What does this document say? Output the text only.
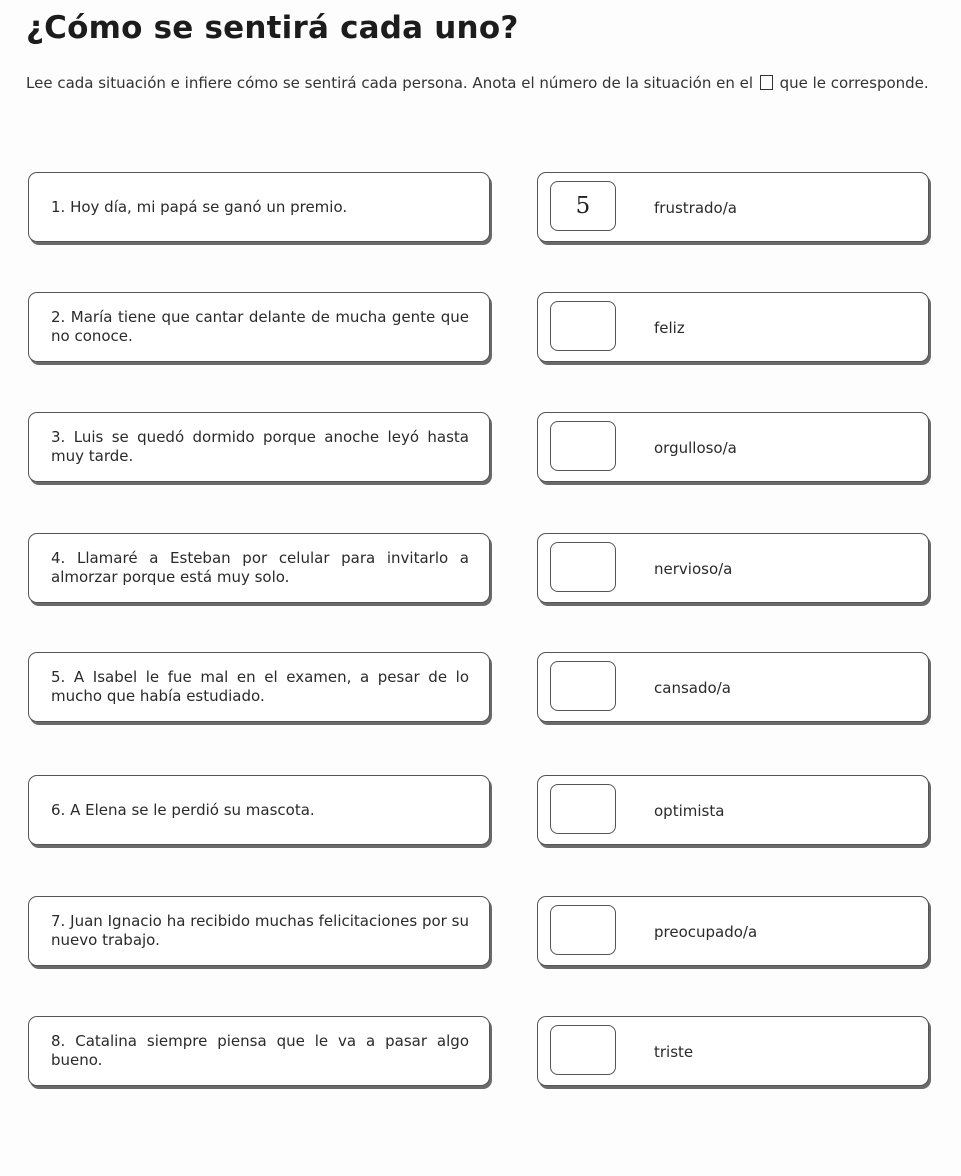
¿Cómo se sentirá cada uno?
Lee cada situación e infiere cómo se sentirá cada persona. Anota el número de la situación en el que le corresponde.
1. Hoy día, mi papá se ganó un premio.	5	frustrado/a
2. María tiene que cantar delante de mucha gente que no conoce.	feliz
3. Luis se quedó dormido porque anoche leyó hasta muy tarde.	orgulloso/a
4. Llamaré a Esteban por celular para invitarlo a almorzar porque está muy solo.	nervioso/a
5. A Isabel le fue mal en el examen, a pesar de lo mucho que había estudiado.	cansado/a
6. A Elena se le perdió su mascota.	optimista
7. Juan Ignacio ha recibido muchas felicitaciones por su nuevo trabajo.	preocupado/a
8. Catalina siempre piensa que le va a pasar algo bueno.	triste
